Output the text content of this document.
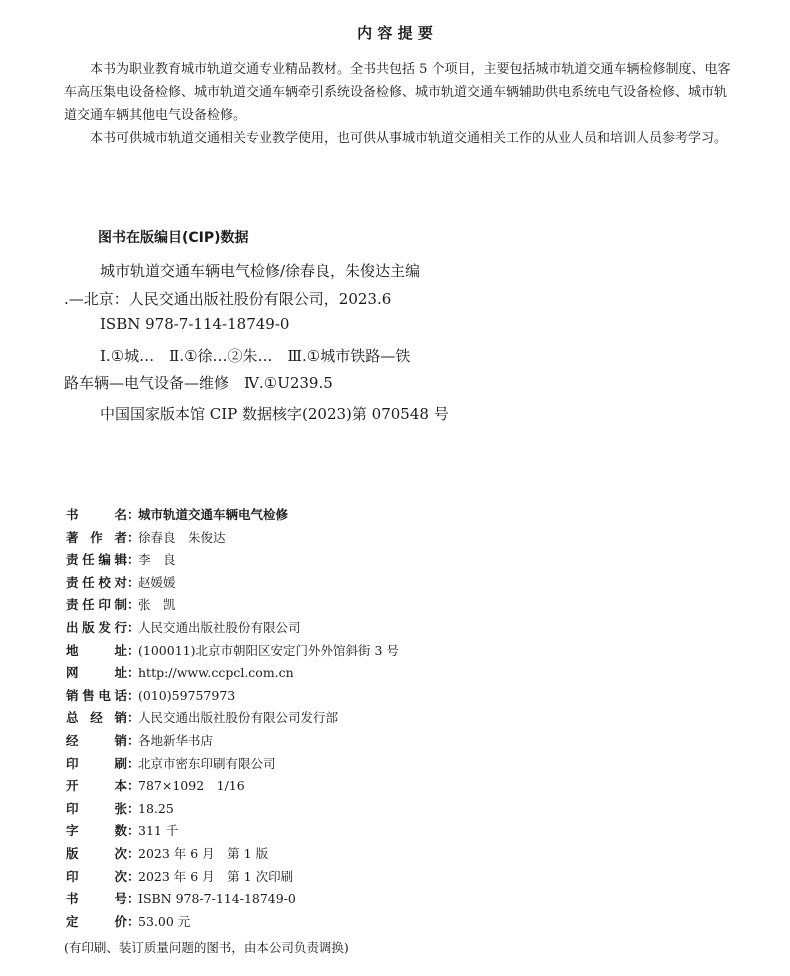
内 容 提 要

本书为职业教育城市轨道交通专业精品教材。全书共包括 5 个项目，主要包括城市轨道交通车辆检修制度、电客车高压集电设备检修、城市轨道交通车辆牵引系统设备检修、城市轨道交通车辆辅助供电系统电气设备检修、城市轨道交通车辆其他电气设备检修。

本书可供城市轨道交通相关专业教学使用，也可供从事城市轨道交通相关工作的从业人员和培训人员参考学习。

图书在版编目(CIP)数据
城市轨道交通车辆电气检修/徐春良，朱俊达主编
.—北京：人民交通出版社股份有限公司，2023.6
ISBN 978-7-114-18749-0
Ⅰ.①城…　Ⅱ.①徐…②朱…　Ⅲ.①城市铁路—铁
路车辆—电气设备—维修　Ⅳ.①U239.5
中国国家版本馆 CIP 数据核字(2023)第 070548 号
书	名 ：
城市轨道交通车辆电气检修
著 作 者 ：
徐春良　朱俊达
责 任 编 辑 ：
李　良
责 任 校 对 ：
赵媛媛
责 任 印 制 ：
张　凯
出 版 发 行 ：
人民交通出版社股份有限公司
地	址 ：
(100011)北京市朝阳区安定门外外馆斜街 3 号
网	址 ：
http://www.ccpcl.com.cn
销 售 电 话 ：
(010)59757973
总 经 销 ：
人民交通出版社股份有限公司发行部
经	销 ：
各地新华书店
印	刷 ：
北京市密东印刷有限公司
开	本 ：
787×1092　1/16
印	张 ：
18.25
字	数 ：
311 千
版	次 ：
2023 年 6 月　第 1 版
印	次 ：
2023 年 6 月　第 1 次印刷
书	号 ：
ISBN 978-7-114-18749-0
定	价 ：
53.00 元
(有印刷、装订质量问题的图书，由本公司负责调换)
